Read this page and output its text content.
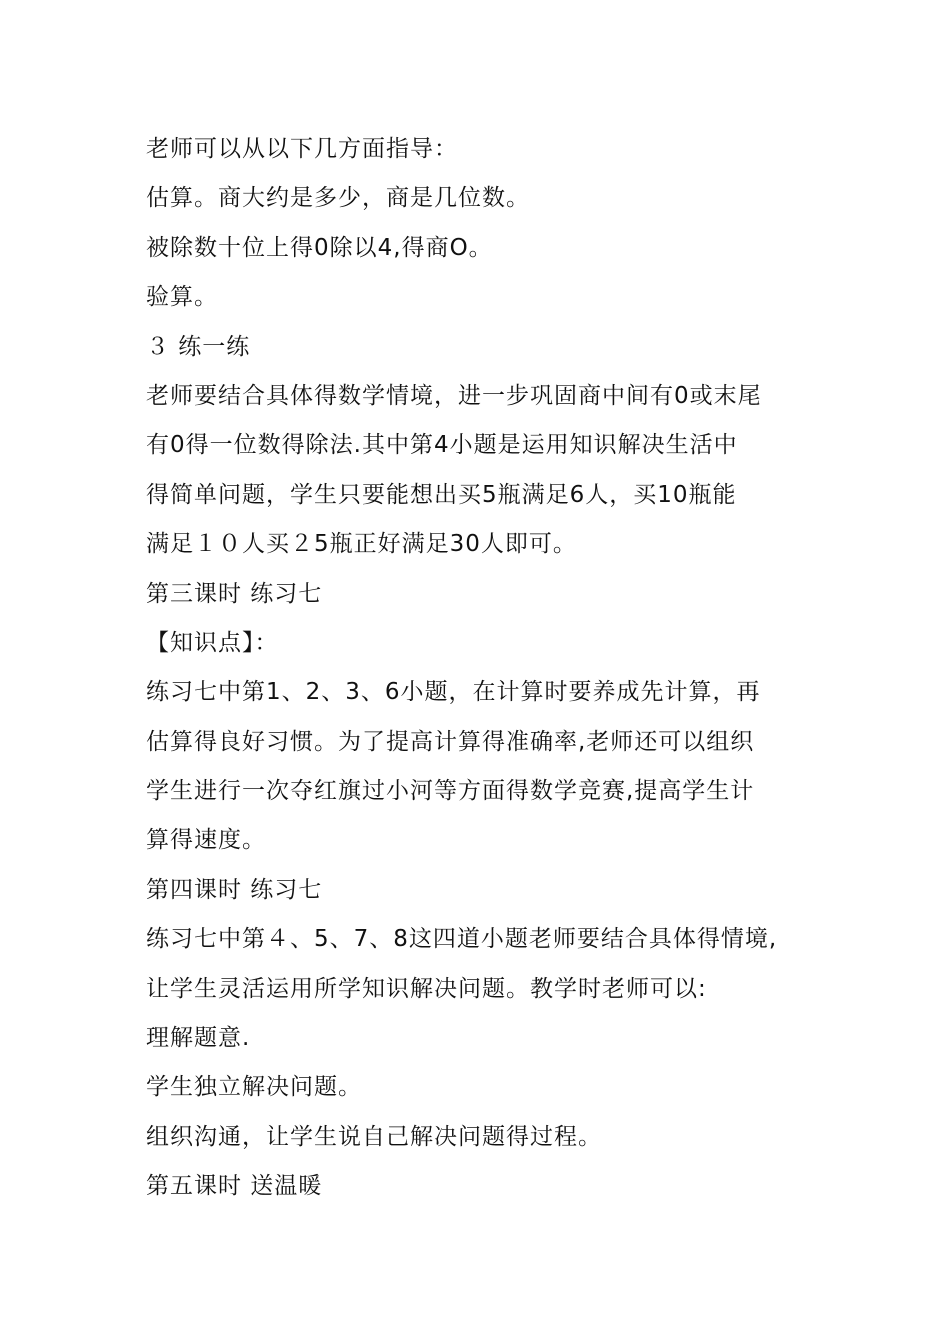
老师可以从以下几方面指导：
估算。商大约是多少，商是几位数。
被除数十位上得0除以4,得商O。
验算。
３ 练一练
老师要结合具体得数学情境，进一步巩固商中间有0或末尾
有0得一位数得除法.其中第4小题是运用知识解决生活中
得简单问题，学生只要能想出买5瓶满足6人，买10瓶能
满足１０人买２5瓶正好满足30人即可。
第三课时 练习七
【知识点】：
练习七中第1、2、3、6小题，在计算时要养成先计算，再
估算得良好习惯。为了提高计算得准确率,老师还可以组织
学生进行一次夺红旗过小河等方面得数学竞赛,提高学生计
算得速度。
第四课时 练习七
练习七中第４、5、7、8这四道小题老师要结合具体得情境,
让学生灵活运用所学知识解决问题。教学时老师可以:
理解题意.
学生独立解决问题。
组织沟通，让学生说自己解决问题得过程。
第五课时 送温暖
